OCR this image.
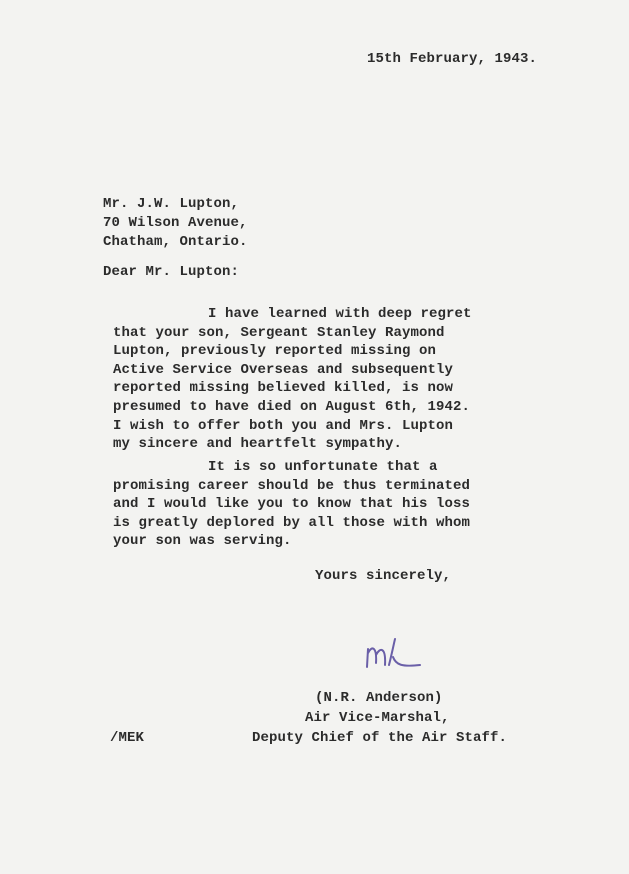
15th February, 1943.
Mr. J.W. Lupton,
70 Wilson Avenue,
Chatham, Ontario.
Dear Mr. Lupton:
I have learned with deep regret
that your son, Sergeant Stanley Raymond
Lupton, previously reported missing on
Active Service Overseas and subsequently
reported missing believed killed, is now
presumed to have died on August 6th, 1942.
I wish to offer both you and Mrs. Lupton
my sincere and heartfelt sympathy.
It is so unfortunate that a
promising career should be thus terminated
and I would like you to know that his loss
is greatly deplored by all those with whom
your son was serving.
Yours sincerely,
(N.R. Anderson)
Air Vice-Marshal,
/MEK	Deputy Chief of the Air Staff.
